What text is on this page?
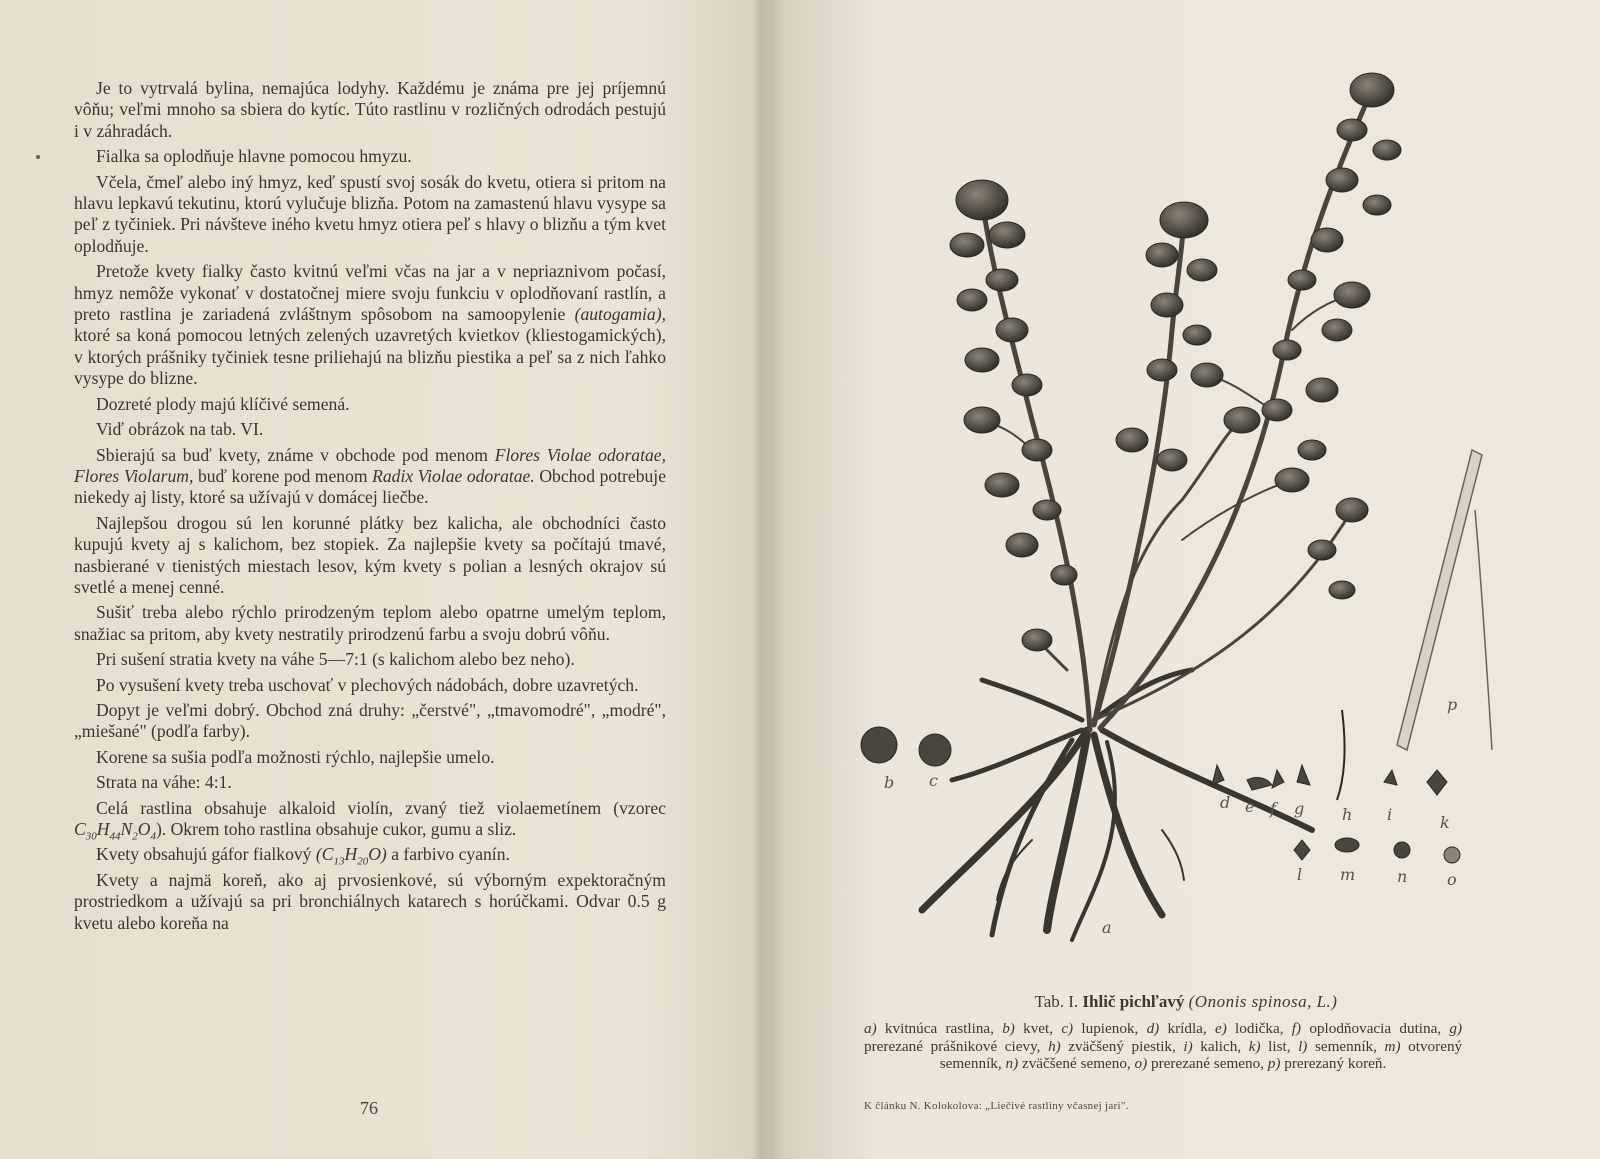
Je to vytrvalá bylina, nemajúca lodyhy. Každému je známa pre jej príjemnú vôňu; veľmi mnoho sa sbiera do kytíc. Túto rastlinu v rozličných odrodách pestujú i v záhradách.

Fialka sa oplodňuje hlavne pomocou hmyzu.

Včela, čmeľ alebo iný hmyz, keď spustí svoj sosák do kvetu, otiera si pritom na hlavu lepkavú tekutinu, ktorú vylučuje blizňa. Potom na zamastenú hlavu vysype sa peľ z tyčiniek. Pri návšteve iného kvetu hmyz otiera peľ s hlavy o blizňu a tým kvet oplodňuje.

Pretože kvety fialky často kvitnú veľmi včas na jar a v nepriaznivom počasí, hmyz nemôže vykonať v dostatočnej miere svoju funkciu v oplodňovaní rastlín, a preto rastlina je zariadená zvláštnym spôsobom na samoopylenie (autogamia), ktoré sa koná pomocou letných zelených uzavretých kvietkov (kliestogamických), v ktorých prášniky tyčiniek tesne priliehajú na blizňu piestika a peľ sa z nich ľahko vysype do blizne.

Dozreté plody majú klíčivé semená.

Viď obrázok na tab. VI.

Sbierajú sa buď kvety, známe v obchode pod menom Flores Violae odoratae, Flores Violarum, buď korene pod menom Radix Violae odoratae. Obchod potrebuje niekedy aj listy, ktoré sa užívajú v domácej liečbe.

Najlepšou drogou sú len korunné plátky bez kalicha, ale obchodníci často kupujú kvety aj s kalichom, bez stopiek. Za najlepšie kvety sa počítajú tmavé, nasbierané v tienistých miestach lesov, kým kvety s polian a lesných okrajov sú svetlé a menej cenné.

Sušiť treba alebo rýchlo prirodzeným teplom alebo opatrne umelým teplom, snažiac sa pritom, aby kvety nestratily prirodzenú farbu a svoju dobrú vôňu.

Pri sušení stratia kvety na váhe 5—7:1 (s kalichom alebo bez neho).

Po vysušení kvety treba uschovať v plechových nádobách, dobre uzavretých.

Dopyt je veľmi dobrý. Obchod zná druhy: „čerstvé", „tmavomodré", „modré", „miešané" (podľa farby).

Korene sa sušia podľa možnosti rýchlo, najlepšie umelo.

Strata na váhe: 4:1.

Celá rastlina obsahuje alkaloid violín, zvaný tiež violaemetínem (vzorec $C_{30}H_{44}N_2O_4$). Okrem toho rastlina obsahuje cukor, gumu a sliz.

Kvety obsahujú gáfor fialkový $(C_{13}H_{20}O)$ a farbivo cyanín.

Kvety a najmä koreň, ako aj prvosienkové, sú výborným expektoračným prostriedkom a užívajú sa pri bronchiálnych katarech s horúčkami. Odvar 0.5 g kvetu alebo koreňa na

76
b c
d e f g h i	k
l m	n o
p
a
Tab. I. Ihlič pichľavý (Ononis spinosa, L.)
a) kvitnúca rastlina, b) kvet, c) lupienok, d) krídla, e) lodička, f) oplodňovacia dutina, g) prerezané prášnikové cievy, h) zväčšený piestik, i) kalich, k) list, l) semenník, m) otvorený semenník, n) zväčšené semeno, o) prerezané semeno, p) prerezaný koreň.
K článku N. Kolokolova: „Liečivé rastliny včasnej jari".
